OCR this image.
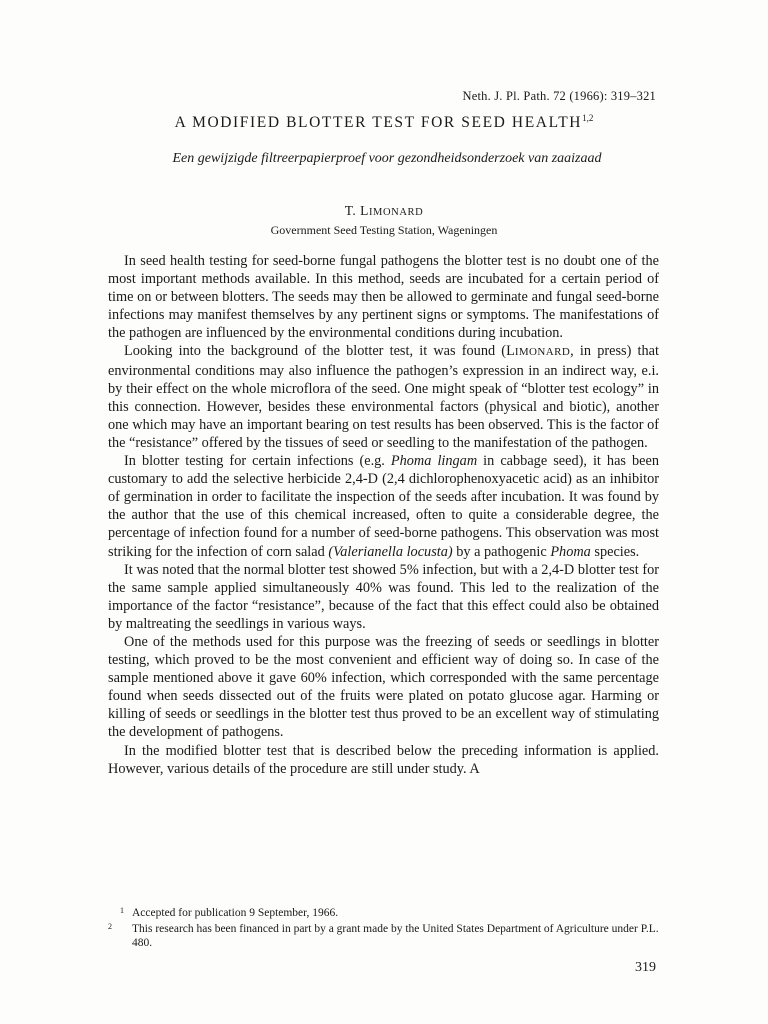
Neth. J. Pl. Path. 72 (1966): 319–321
A MODIFIED BLOTTER TEST FOR SEED HEALTH$^{1,2}$
Een gewijzigde filtreerpapierproef voor gezondheidsonderzoek van zaaizaad
T. LIMONARD
Government Seed Testing Station, Wageningen

In seed health testing for seed-borne fungal pathogens the blotter test is no doubt one of the most important methods available. In this method, seeds are incubated for a certain period of time on or between blotters. The seeds may then be allowed to germinate and fungal seed-borne infections may manifest themselves by any pertinent signs or symptoms. The manifestations of the pathogen are influenced by the environmental conditions during incubation.

Looking into the background of the blotter test, it was found (LIMONARD, in press) that environmental conditions may also influence the pathogen’s expression in an indirect way, e.i. by their effect on the whole microflora of the seed. One might speak of “blotter test ecology” in this connection. However, besides these environmental factors (physical and biotic), another one which may have an important bearing on test results has been observed. This is the factor of the “resistance” offered by the tissues of seed or seedling to the manifestation of the pathogen.

In blotter testing for certain infections (e.g. Phoma lingam in cabbage seed), it has been customary to add the selective herbicide 2,4-D (2,4 dichlorophenoxyacetic acid) as an inhibitor of germination in order to facilitate the inspection of the seeds after incubation. It was found by the author that the use of this chemical increased, often to quite a considerable degree, the percentage of infection found for a number of seed-borne pathogens. This observation was most striking for the infection of corn salad (Valerianella locusta) by a pathogenic Phoma species.

It was noted that the normal blotter test showed 5% infection, but with a 2,4-D blotter test for the same sample applied simultaneously 40% was found. This led to the realization of the importance of the factor “resistance”, because of the fact that this effect could also be obtained by maltreating the seedlings in various ways.

One of the methods used for this purpose was the freezing of seeds or seedlings in blotter testing, which proved to be the most convenient and efficient way of doing so. In case of the sample mentioned above it gave 60% infection, which corresponded with the same percentage found when seeds dissected out of the fruits were plated on potato glucose agar. Harming or killing of seeds or seedlings in the blotter test thus proved to be an excellent way of stimulating the development of pathogens.

In the modified blotter test that is described below the preceding information is applied. However, various details of the procedure are still under study. A

1 Accepted for publication 9 September, 1966.

2 This research has been financed in part by a grant made by the United States Department of Agriculture under P.L. 480.

319
